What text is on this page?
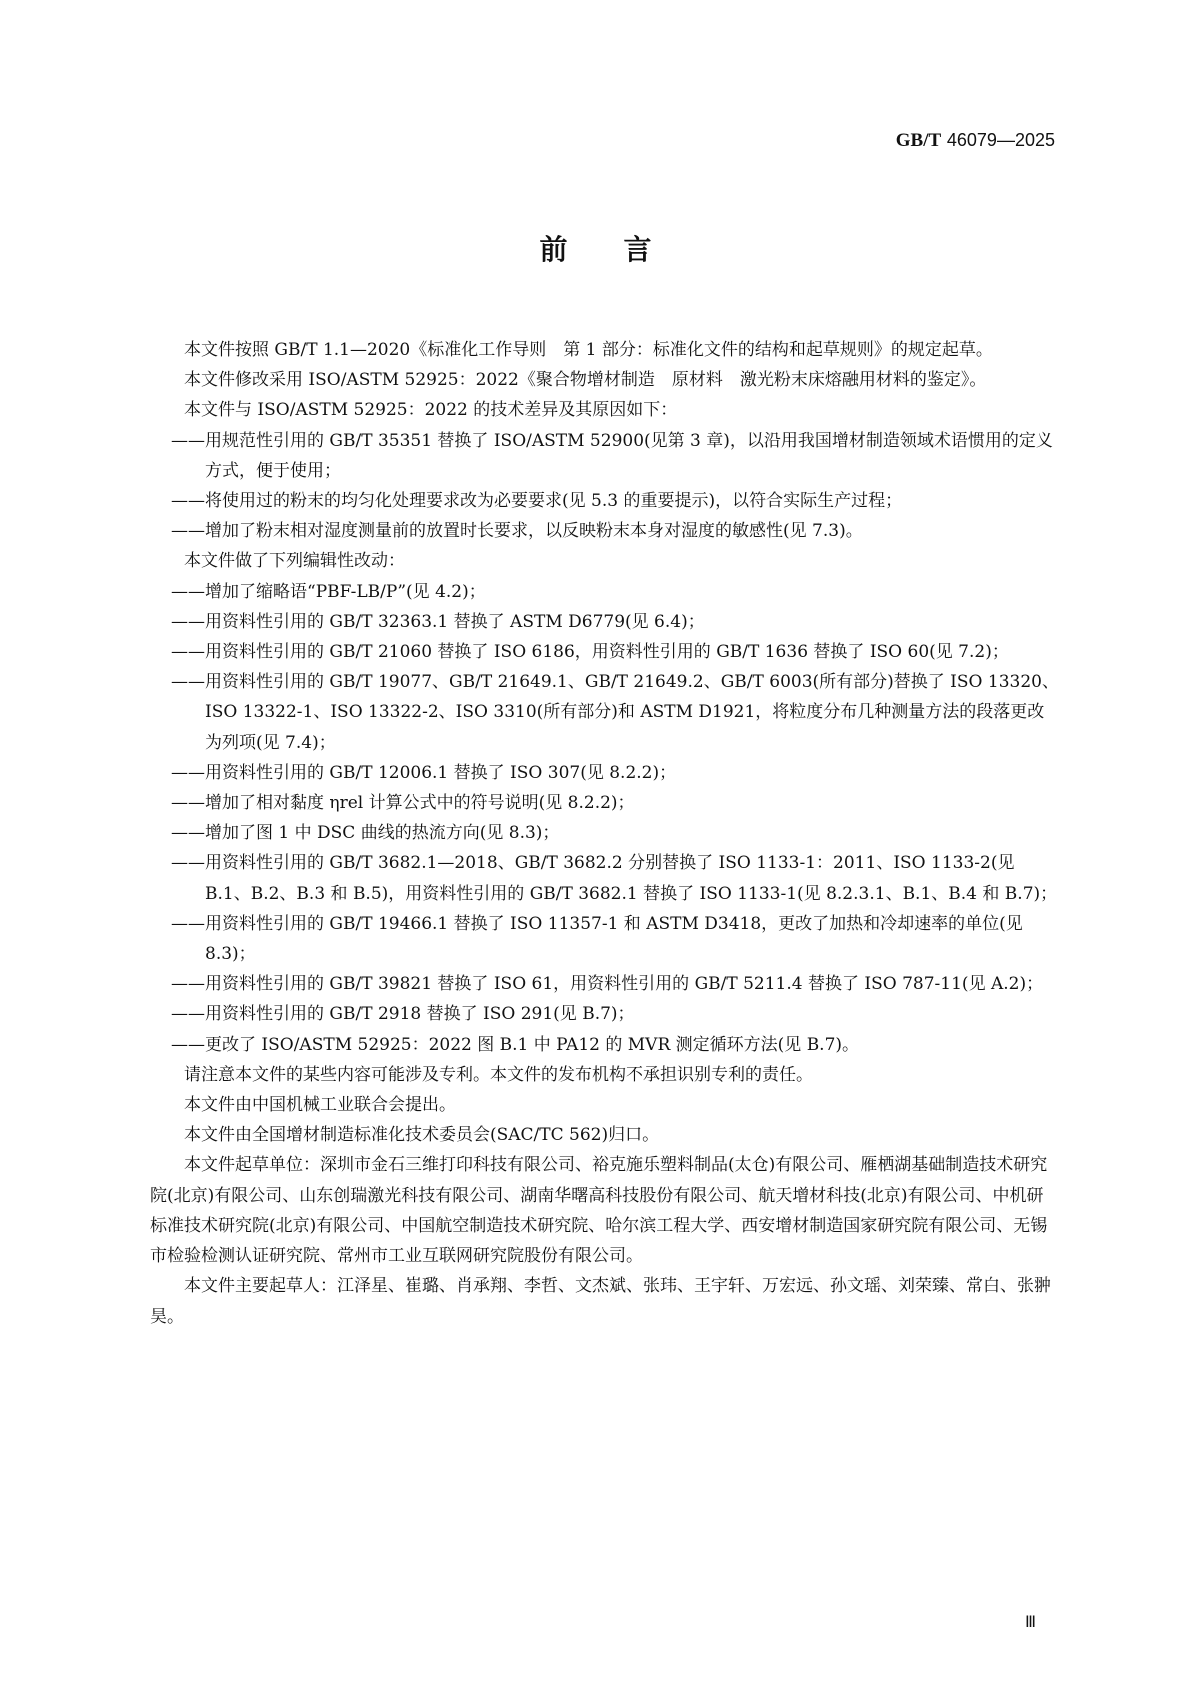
GB/T 46079—2025
前 言

本文件按照 GB/T 1.1—2020《标准化工作导则　第 1 部分：标准化文件的结构和起草规则》的规定起草。

本文件修改采用 ISO/ASTM 52925：2022《聚合物增材制造　原材料　激光粉末床熔融用材料的鉴定》。

本文件与 ISO/ASTM 52925：2022 的技术差异及其原因如下：

——用规范性引用的 GB/T 35351 替换了 ISO/ASTM 52900(见第 3 章)，以沿用我国增材制造领域术语惯用的定义方式，便于使用；

——将使用过的粉末的均匀化处理要求改为必要要求(见 5.3 的重要提示)，以符合实际生产过程；

——增加了粉末相对湿度测量前的放置时长要求，以反映粉末本身对湿度的敏感性(见 7.3)。

本文件做了下列编辑性改动：

——增加了缩略语“PBF-LB/P”(见 4.2)；

——用资料性引用的 GB/T 32363.1 替换了 ASTM D6779(见 6.4)；

——用资料性引用的 GB/T 21060 替换了 ISO 6186，用资料性引用的 GB/T 1636 替换了 ISO 60(见 7.2)；

——用资料性引用的 GB/T 19077、GB/T 21649.1、GB/T 21649.2、GB/T 6003(所有部分)替换了 ISO 13320、ISO 13322-1、ISO 13322-2、ISO 3310(所有部分)和 ASTM D1921，将粒度分布几种测量方法的段落更改为列项(见 7.4)；

——用资料性引用的 GB/T 12006.1 替换了 ISO 307(见 8.2.2)；

——增加了相对黏度 ηrel 计算公式中的符号说明(见 8.2.2)；

——增加了图 1 中 DSC 曲线的热流方向(见 8.3)；

——用资料性引用的 GB/T 3682.1—2018、GB/T 3682.2 分别替换了 ISO 1133-1：2011、ISO 1133-2(见 B.1、B.2、B.3 和 B.5)，用资料性引用的 GB/T 3682.1 替换了 ISO 1133-1(见 8.2.3.1、B.1、B.4 和 B.7)；

——用资料性引用的 GB/T 19466.1 替换了 ISO 11357-1 和 ASTM D3418，更改了加热和冷却速率的单位(见 8.3)；

——用资料性引用的 GB/T 39821 替换了 ISO 61，用资料性引用的 GB/T 5211.4 替换了 ISO 787-11(见 A.2)；

——用资料性引用的 GB/T 2918 替换了 ISO 291(见 B.7)；

——更改了 ISO/ASTM 52925：2022 图 B.1 中 PA12 的 MVR 测定循环方法(见 B.7)。

请注意本文件的某些内容可能涉及专利。本文件的发布机构不承担识别专利的责任。

本文件由中国机械工业联合会提出。

本文件由全国增材制造标准化技术委员会(SAC/TC 562)归口。

本文件起草单位：深圳市金石三维打印科技有限公司、裕克施乐塑料制品(太仓)有限公司、雁栖湖基础制造技术研究院(北京)有限公司、山东创瑞激光科技有限公司、湖南华曙高科技股份有限公司、航天增材科技(北京)有限公司、中机研标准技术研究院(北京)有限公司、中国航空制造技术研究院、哈尔滨工程大学、西安增材制造国家研究院有限公司、无锡市检验检测认证研究院、常州市工业互联网研究院股份有限公司。

本文件主要起草人：江泽星、崔璐、肖承翔、李哲、文杰斌、张玮、王宇轩、万宏远、孙文瑶、刘荣臻、常白、张翀昊。

Ⅲ
